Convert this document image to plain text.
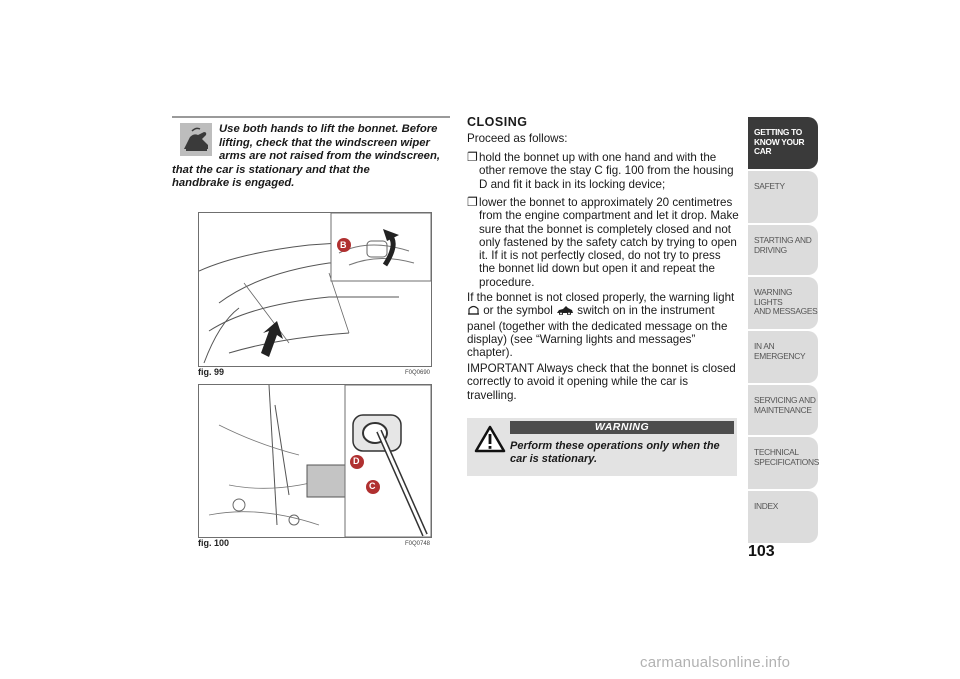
Use both hands to lift the bonnet. Before
lifting, check that the windscreen wiper
arms are not raised from the windscreen,
that the car is stationary and that the
handbrake is engaged.
B
fig. 99	F0Q0690
D
C
fig. 100	F0Q0748
CLOSING
Proceed as follows:
❐ hold the bonnet up with one hand and with the other remove the stay C fig. 100 from the housing D and fit it back in its locking device;
❐ lower the bonnet to approximately 20 centimetres from the engine compartment and let it drop. Make sure that the bonnet is completely closed and not only fastened by the safety catch by trying to open it. If it is not perfectly closed, do not try to press the bonnet lid down but open it and repeat the procedure.
If the bonnet is not closed properly, the warning light  or the symbol switch on in the instrument panel (together with the dedicated message on the display) (see “Warning lights and messages” chapter).
IMPORTANT Always check that the bonnet is closed correctly to avoid it opening while the car is travelling.
WARNING
Perform these operations only when the car is stationary.
GETTING TO
KNOW YOUR CAR
SAFETY
STARTING AND
DRIVING
WARNING LIGHTS
AND MESSAGES
IN AN EMERGENCY
SERVICING AND
MAINTENANCE
TECHNICAL
SPECIFICATIONS
INDEX
103
carmanualsonline.info
